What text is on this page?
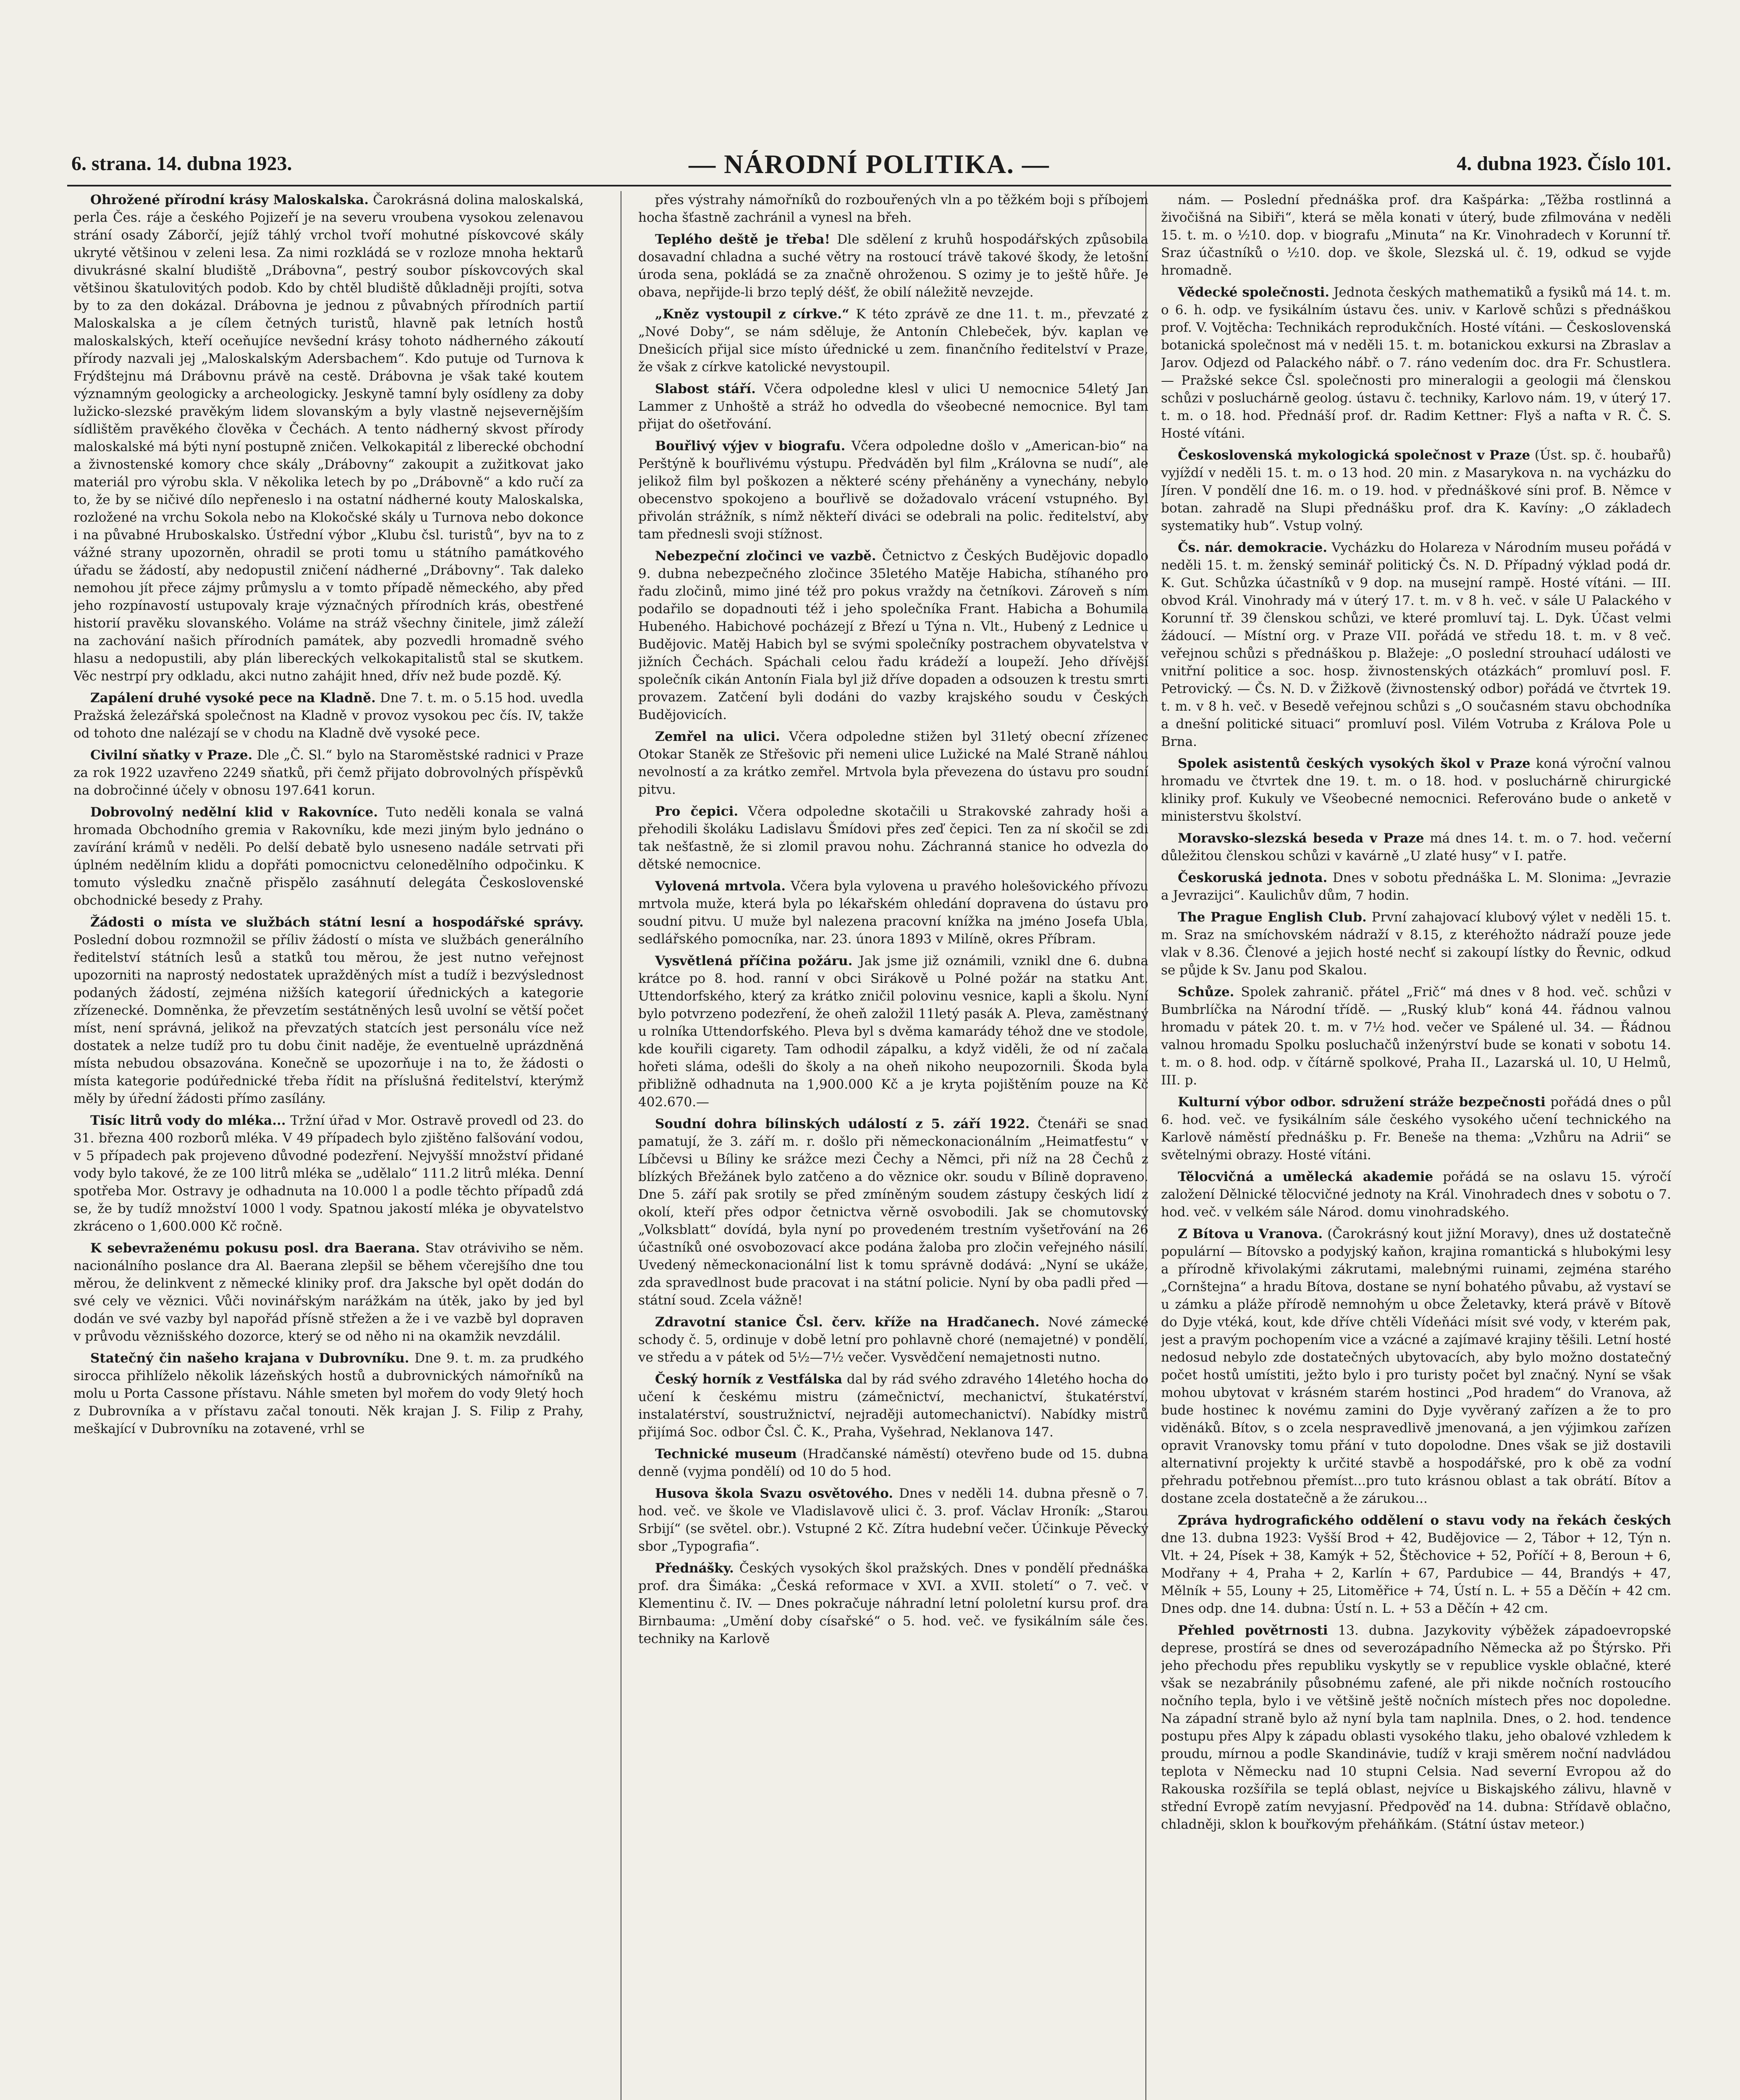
6. strana. 14. dubna 1923.	— NÁRODNÍ POLITIKA. —	4. dubna 1923. Číslo 101.

Ohrožené přírodní krásy Maloskalska. Čarokrásná dolina maloskalská, perla Čes. ráje a českého Pojizeří je na severu vroubena vysokou zelenavou strání osady Záborčí, jejíž táhlý vrchol tvoří mohutné pískovcové skály ukryté většinou v zeleni lesa. Za nimi rozkládá se v rozloze mnoha hektarů divukrásné skalní bludiště „Drábovna“, pestrý soubor pískovcových skal většinou škatulovitých podob. Kdo by chtěl bludiště důkladněji projíti, sotva by to za den dokázal. Drábovna je jednou z půvabných přírodních partií Maloskalska a je cílem četných turistů, hlavně pak letních hostů maloskalských, kteří oceňujíce nevšední krásy tohoto nádherného zákoutí přírody nazvali jej „Maloskalským Adersbachem“. Kdo putuje od Turnova k Frýdštejnu má Drábovnu právě na cestě. Drábovna je však také koutem významným geologicky a archeologicky. Jeskyně tamní byly osídleny za doby lužicko-slezské pravěkým lidem slovanským a byly vlastně nejsevernějším sídlištěm pravěkého člověka v Čechách. A tento nádherný skvost přírody maloskalské má býti nyní postupně zničen. Velkokapitál z liberecké obchodní a živnostenské komory chce skály „Drábovny“ zakoupit a zužitkovat jako materiál pro výrobu skla. V několika letech by po „Drábovně“ a kdo ručí za to, že by se ničivé dílo nepřeneslo i na ostatní nádherné kouty Maloskalska, rozložené na vrchu Sokola nebo na Klokočské skály u Turnova nebo dokonce i na půvabné Hruboskalsko. Ústřední výbor „Klubu čsl. turistů“, byv na to z vážné strany upozorněn, ohradil se proti tomu u státního památkového úřadu se žádostí, aby nedopustil zničení nádherné „Drábovny“. Tak daleko nemohou jít přece zájmy průmyslu a v tomto případě německého, aby před jeho rozpínavostí ustupovaly kraje význačných přírodních krás, obestřené historií pravěku slovanského. Voláme na stráž všechny činitele, jimž záleží na zachování našich přírodních památek, aby pozvedli hromadně svého hlasu a nedopustili, aby plán libereckých velkokapitalistů stal se skutkem. Věc nestrpí pry odkladu, akci nutno zahájit hned, dřív než bude pozdě. Ký.

Zapálení druhé vysoké pece na Kladně. Dne 7. t. m. o 5.15 hod. uvedla Pražská železářská společnost na Kladně v provoz vysokou pec čís. IV, takže od tohoto dne nalézají se v chodu na Kladně dvě vysoké pece.

Civilní sňatky v Praze. Dle „Č. Sl.“ bylo na Staroměstské radnici v Praze za rok 1922 uzavřeno 2249 sňatků, při čemž přijato dobrovolných příspěvků na dobročinné účely v obnosu 197.641 korun.

Dobrovolný nedělní klid v Rakovníce. Tuto neděli konala se valná hromada Obchodního gremia v Rakovníku, kde mezi jiným bylo jednáno o zavírání krámů v neděli. Po delší debatě bylo usneseno nadále setrvati při úplném nedělním klidu a dopřáti pomocnictvu celonedělního odpočinku. K tomuto výsledku značně přispělo zasáhnutí delegáta Československé obchodnické besedy z Prahy.

Žádosti o místa ve službách státní lesní a hospodářské správy. Poslední dobou rozmnožil se příliv žádostí o místa ve službách generálního ředitelství státních lesů a statků tou měrou, že jest nutno veřejnost upozorniti na naprostý nedostatek upražděných míst a tudíž i bezvýslednost podaných žádostí, zejména nižších kategorií úřednických a kategorie zřízenecké. Domněnka, že převzetím sestátněných lesů uvolní se větší počet míst, není správná, jelikož na převzatých statcích jest personálu více než dostatek a nelze tudíž pro tu dobu činit naděje, že eventuelně uprázdněná místa nebudou obsazována. Konečně se upozorňuje i na to, že žádosti o místa kategorie podúřednické třeba řídit na příslušná ředitelství, kterýmž měly by úřední žádosti přímo zasílány.

Tisíc litrů vody do mléka... Tržní úřad v Mor. Ostravě provedl od 23. do 31. března 400 rozborů mléka. V 49 případech bylo zjištěno falšování vodou, v 5 případech pak projeveno důvodné podezření. Nejvyšší množství přidané vody bylo takové, že ze 100 litrů mléka se „udělalo“ 111.2 litrů mléka. Denní spotřeba Mor. Ostravy je odhadnuta na 10.000 l a podle těchto případů zdá se, že by tudíž množství 1000 l vody. Spatnou jakostí mléka je obyvatelstvo zkráceno o 1,600.000 Kč ročně.

K sebevraženému pokusu posl. dra Baerana. Stav otráviviho se něm. nacionálního poslance dra Al. Baerana zlepšil se během včerejšího dne tou měrou, že delinkvent z německé kliniky prof. dra Jaksche byl opět dodán do své cely ve věznici. Vůči novinářským narážkám na útěk, jako by jed byl dodán ve své vazby byl napořád přísně střežen a že i ve vazbě byl dopraven v průvodu věznišského dozorce, který se od něho ni na okamžik nevzdálil.

Statečný čin našeho krajana v Dubrovníku. Dne 9. t. m. za prudkého sirocca přihlíželo několik lázeňských hostů a dubrovnických námořníků na molu u Porta Cassone přístavu. Náhle smeten byl mořem do vody 9letý hoch z Dubrovníka a v přístavu začal tonouti. Něk krajan J. S. Filip z Prahy, meškající v Dubrovníku na zotavené, vrhl se

přes výstrahy námořníků do rozbouřených vln a po těžkém boji s příbojem hocha šťastně zachránil a vynesl na břeh.

Teplého deště je třeba! Dle sdělení z kruhů hospodářských způsobila dosavadní chladna a suché větry na rostoucí trávě takové škody, že letošní úroda sena, pokládá se za značně ohroženou. S ozimy je to ještě hůře. Je obava, nepřijde-li brzo teplý déšť, že obilí náležitě nevzejde.

„Kněz vystoupil z církve.“ K této zprávě ze dne 11. t. m., převzaté z „Nové Doby“, se nám sděluje, že Antonín Chlebeček, býv. kaplan ve Dnešicích přijal sice místo úřednické u zem. finančního ředitelství v Praze, že však z církve katolické nevystoupil.

Slabost stáří. Včera odpoledne klesl v ulici U nemocnice 54letý Jan Lammer z Unhoště a stráž ho odvedla do všeobecné nemocnice. Byl tam přijat do ošetřování.

Bouřlivý výjev v biografu. Včera odpoledne došlo v „American-bio“ na Perštýně k bouřlivému výstupu. Předváděn byl film „Královna se nudí“, ale jelikož film byl poškozen a některé scény přeháněny a vynechány, nebylo obecenstvo spokojeno a bouřlivě se dožadovalo vrácení vstupného. Byl přivolán strážník, s nímž někteří diváci se odebrali na polic. ředitelství, aby tam přednesli svoji stížnost.

Nebezpeční zločinci ve vazbě. Četnictvo z Českých Budějovic dopadlo 9. dubna nebezpečného zločince 35letého Matěje Habicha, stíhaného pro řadu zločinů, mimo jiné též pro pokus vraždy na četníkovi. Zároveň s ním podařilo se dopadnouti též i jeho společníka Frant. Habicha a Bohumila Hubeného. Habichové pocházejí z Březí u Týna n. Vlt., Hubený z Lednice u Budějovic. Matěj Habich byl se svými společníky postrachem obyvatelstva v jižních Čechách. Spáchali celou řadu krádeží a loupeží. Jeho dřívější společník cikán Antonín Fiala byl již dříve dopaden a odsouzen k trestu smrti provazem. Zatčení byli dodáni do vazby krajského soudu v Českých Budějovicích.

Zemřel na ulici. Včera odpoledne stižen byl 31letý obecní zřízenec Otokar Staněk ze Střešovic při nemeni ulice Lužické na Malé Straně náhlou nevolností a za krátko zemřel. Mrtvola byla převezena do ústavu pro soudní pitvu.

Pro čepici. Včera odpoledne skotačili u Strakovské zahrady hoši a přehodili školáku Ladislavu Šmídovi přes zeď čepici. Ten za ní skočil se zdi tak nešťastně, že si zlomil pravou nohu. Záchranná stanice ho odvezla do dětské nemocnice.

Vylovená mrtvola. Včera byla vylovena u pravého holešovického přívozu mrtvola muže, která byla po lékařském ohledání dopravena do ústavu pro soudní pitvu. U muže byl nalezena pracovní knížka na jméno Josefa Ubla, sedlářského pomocníka, nar. 23. února 1893 v Milíně, okres Příbram.

Vysvětlená příčina požáru. Jak jsme již oznámili, vznikl dne 6. dubna krátce po 8. hod. ranní v obci Sirákově u Polné požár na statku Ant. Uttendorfského, který za krátko zničil polovinu vesnice, kapli a školu. Nyní bylo potvrzeno podezření, že oheň založil 11letý pasák A. Pleva, zaměstnaný u rolníka Uttendorfského. Pleva byl s dvěma kamarády téhož dne ve stodole, kde kouřili cigarety. Tam odhodil zápalku, a když viděli, že od ní začala hořeti sláma, odešli do školy a na oheň nikoho neupozornili. Škoda byla přibližně odhadnuta na 1,900.000 Kč a je kryta pojištěním pouze na Kč 402.670.—

Soudní dohra bílinských událostí z 5. září 1922. Čtenáři se snad pamatují, že 3. září m. r. došlo při německonacionálním „Heimatfestu“ v Líbčevsi u Bíliny ke srážce mezi Čechy a Němci, při níž na 28 Čechů z blízkých Břežánek bylo zatčeno a do věznice okr. soudu v Bílině dopraveno. Dne 5. září pak srotily se před zmíněným soudem zástupy českých lidí z okolí, kteří přes odpor četnictva věrně osvobodili. Jak se chomutovský „Volksblatt“ dovídá, byla nyní po provedeném trestním vyšetřování na 26 účastníků oné osvobozovací akce podána žaloba pro zločin veřejného násilí. Uvedený německonacionální list k tomu správně dodává: „Nyní se ukáže, zda spravedlnost bude pracovat i na státní policie. Nyní by oba padli před — státní soud. Zcela vážně!

Zdravotní stanice Čsl. červ. kříže na Hradčanech. Nové zámecké schody č. 5, ordinuje v době letní pro pohlavně choré (nemajetné) v pondělí, ve středu a v pátek od 5½—7½ večer. Vysvědčení nemajetnosti nutno.

Český horník z Vestfálska dal by rád svého zdravého 14letého hocha do učení k českému mistru (zámečnictví, mechanictví, štukatérství, instalatérství, soustružnictví, nejraději automechanictví). Nabídky mistrů přijímá Soc. odbor Čsl. Č. K., Praha, Vyšehrad, Neklanova 147.

Technické museum (Hradčanské náměstí) otevřeno bude od 15. dubna denně (vyjma pondělí) od 10 do 5 hod.

Husova škola Svazu osvětového. Dnes v neděli 14. dubna přesně o 7. hod. več. ve škole ve Vladislavově ulici č. 3. prof. Václav Hroník: „Starou Srbijí“ (se světel. obr.). Vstupné 2 Kč. Zítra hudební večer. Účinkuje Pěvecký sbor „Typografia“.

Přednášky. Českých vysokých škol pražských. Dnes v pondělí přednáška prof. dra Šimáka: „Česká reformace v XVI. a XVII. století“ o 7. več. v Klementinu č. IV. — Dnes pokračuje náhradní letní pololetní kursu prof. dra Birnbauma: „Umění doby císařské“ o 5. hod. več. ve fysikálním sále čes. techniky na Karlově

nám. — Poslední přednáška prof. dra Kašpárka: „Těžba rostlinná a živočišná na Sibiři“, která se měla konati v úterý, bude zfilmována v neděli 15. t. m. o ½10. dop. v biografu „Minuta“ na Kr. Vinohradech v Korunní tř. Sraz účastníků o ½10. dop. ve škole, Slezská ul. č. 19, odkud se vyjde hromadně.

Vědecké společnosti. Jednota českých mathematiků a fysiků má 14. t. m. o 6. h. odp. ve fysikálním ústavu čes. univ. v Karlově schůzi s přednáškou prof. V. Vojtěcha: Technikách reprodukčních. Hosté vítáni. — Československá botanická společnost má v neděli 15. t. m. botanickou exkursi na Zbraslav a Jarov. Odjezd od Palackého nábř. o 7. ráno vedením doc. dra Fr. Schustlera. — Pražské sekce Čsl. společnosti pro mineralogii a geologii má členskou schůzi v posluchárně geolog. ústavu č. techniky, Karlovo nám. 19, v úterý 17. t. m. o 18. hod. Přednáší prof. dr. Radim Kettner: Flyš a nafta v R. Č. S. Hosté vítáni.

Československá mykologická společnost v Praze (Úst. sp. č. houbařů) vyjíždí v neděli 15. t. m. o 13 hod. 20 min. z Masarykova n. na vycházku do Jíren. V pondělí dne 16. m. o 19. hod. v přednáškové síni prof. B. Němce v botan. zahradě na Slupi přednášku prof. dra K. Kavíny: „O základech systematiky hub“. Vstup volný.

Čs. nár. demokracie. Vycházku do Holareza v Národním museu pořádá v neděli 15. t. m. ženský seminář politický Čs. N. D. Případný výklad podá dr. K. Gut. Schůzka účastníků v 9 dop. na musejní rampě. Hosté vítáni. — III. obvod Král. Vinohrady má v úterý 17. t. m. v 8 h. več. v sále U Palackého v Korunní tř. 39 členskou schůzi, ve které promluví taj. L. Dyk. Účast velmi žádoucí. — Místní org. v Praze VII. pořádá ve středu 18. t. m. v 8 več. veřejnou schůzi s přednáškou p. Blažeje: „O poslední strouhací události ve vnitřní politice a soc. hosp. živnostenských otázkách“ promluví posl. F. Petrovický. — Čs. N. D. v Žižkově (živnostenský odbor) pořádá ve čtvrtek 19. t. m. v 8 h. več. v Besedě veřejnou schůzi s „O současném stavu obchodníka a dnešní politické situaci“ promluví posl. Vilém Votruba z Králova Pole u Brna.

Spolek asistentů českých vysokých škol v Praze koná výroční valnou hromadu ve čtvrtek dne 19. t. m. o 18. hod. v posluchárně chirurgické kliniky prof. Kukuly ve Všeobecné nemocnici. Referováno bude o anketě v ministerstvu školství.

Moravsko-slezská beseda v Praze má dnes 14. t. m. o 7. hod. večerní důležitou členskou schůzi v kavárně „U zlaté husy“ v I. patře.

Českoruská jednota. Dnes v sobotu přednáška L. M. Slonima: „Jevrazie a Jevrazijci“. Kaulichův dům, 7 hodin.

The Prague English Club. První zahajovací klubový výlet v neděli 15. t. m. Sraz na smíchovském nádraží v 8.15, z kteréhožto nádraží pouze jede vlak v 8.36. Členové a jejich hosté nechť si zakoupí lístky do Řevnic, odkud se půjde k Sv. Janu pod Skalou.

Schůze. Spolek zahranič. přátel „Frič“ má dnes v 8 hod. več. schůzi v Bumbrlíčka na Národní třídě. — „Ruský klub“ koná 44. řádnou valnou hromadu v pátek 20. t. m. v 7½ hod. večer ve Spálené ul. 34. — Řádnou valnou hromadu Spolku posluchačů inženýrství bude se konati v sobotu 14. t. m. o 8. hod. odp. v čítárně spolkové, Praha II., Lazarská ul. 10, U Helmů, III. p.

Kulturní výbor odbor. sdružení stráže bezpečnosti pořádá dnes o půl 6. hod. več. ve fysikálním sále českého vysokého učení technického na Karlově náměstí přednášku p. Fr. Beneše na thema: „Vzhůru na Adrii“ se světelnými obrazy. Hosté vítáni.

Tělocvičná a umělecká akademie pořádá se na oslavu 15. výročí založení Dělnické tělocvičné jednoty na Král. Vinohradech dnes v sobotu o 7. hod. več. v velkém sále Národ. domu vinohradského.

Z Bítova u Vranova. (Čarokrásný kout jižní Moravy), dnes už dostatečně populární — Bítovsko a podyjský kaňon, krajina romantická s hlubokými lesy a přírodně křivolakými zákrutami, malebnými ruinami, zejména starého „Cornštejna“ a hradu Bítova, dostane se nyní bohatého půvabu, až vystaví se u zámku a pláže přírodě nemnohým u obce Želetavky, která právě v Bítově do Dyje vtéká, kout, kde dříve chtěli Vídeňáci mísit své vody, v kterém pak, jest a pravým pochopením vice a vzácné a zajímavé krajiny těšili. Letní hosté nedosud nebylo zde dostatečných ubytovacích, aby bylo možno dostatečný počet hostů umístiti, ježto bylo i pro turisty počet byl značný. Nyní se však mohou ubytovat v krásném starém hostinci „Pod hradem“ do Vranova, až bude hostinec k novému zamini do Dyje vyvěraný zařízen a že to pro viděnáků. Bítov, s o zcela nespravedlivě jmenovaná, a jen výjimkou zařízen opravit Vranovsky tomu přání v tuto dopolodne. Dnes však se již dostavili alternativní projekty k určité stavbě a hospodářské, pro k obě za vodní přehradu potřebnou přemíst...pro tuto krásnou oblast a tak obrátí. Bítov a dostane zcela dostatečně a že zárukou...

Zpráva hydrografického oddělení o stavu vody na řekách českých dne 13. dubna 1923: Vyšší Brod + 42, Budějovice — 2, Tábor + 12, Týn n. Vlt. + 24, Písek + 38, Kamýk + 52, Štěchovice + 52, Poříčí + 8, Beroun + 6, Modřany + 4, Praha + 2, Karlín + 67, Pardubice — 44, Brandýs + 47, Mělník + 55, Louny + 25, Litoměřice + 74, Ústí n. L. + 55 a Děčín + 42 cm. Dnes odp. dne 14. dubna: Ústí n. L. + 53 a Děčín + 42 cm.

Přehled povětrnosti 13. dubna. Jazykovity výběžek západoevropské deprese, prostírá se dnes od severozápadního Německa až po Štýrsko. Při jeho přechodu přes republiku vyskytly se v republice vyskle oblačné, které však se nezabránily působnému zafené, ale při nikde nočních rostoucího nočního tepla, bylo i ve většině ještě nočních místech přes noc dopoledne. Na západní straně bylo až nyní byla tam naplnila. Dnes, o 2. hod. tendence postupu přes Alpy k západu oblasti vysokého tlaku, jeho obalové vzhledem k proudu, mírnou a podle Skandinávie, tudíž v kraji směrem noční nadvládou teplota v Německu nad 10 stupni Celsia. Nad severní Evropou až do Rakouska rozšířila se teplá oblast, nejvíce u Biskajského zálivu, hlavně v střední Evropě zatím nevyjasní. Předpověď na 14. dubna: Střídavě oblačno, chladněji, sklon k bouřkovým přeháňkám. (Státní ústav meteor.)
